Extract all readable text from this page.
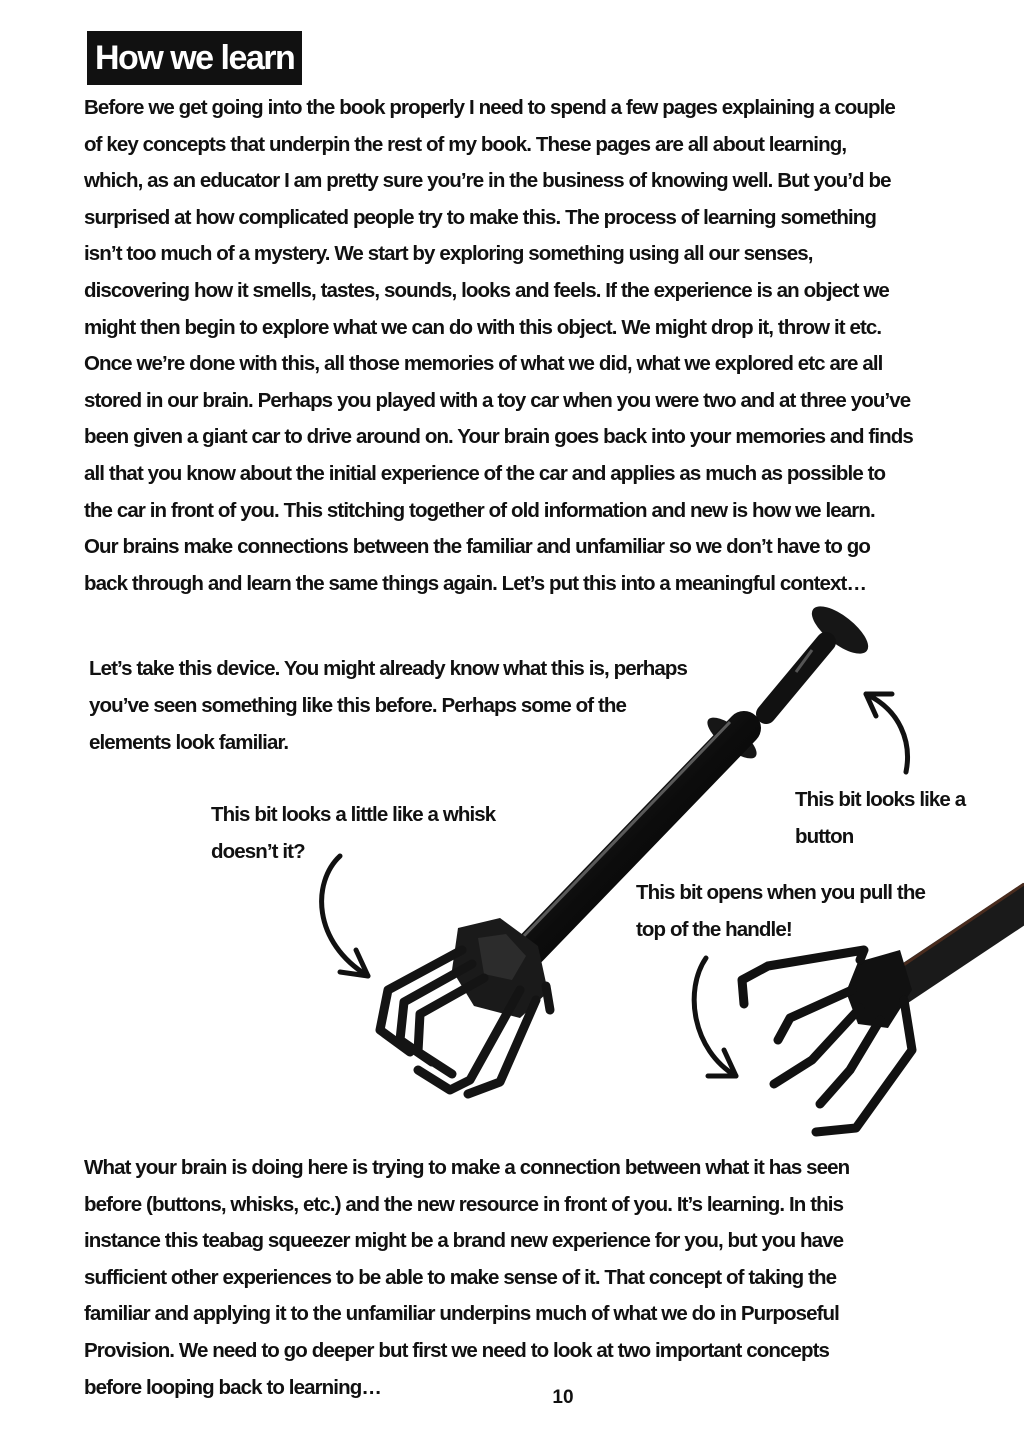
How we learn
Before we get going into the book properly I need to spend a few pages explaining a couple
of key concepts that underpin the rest of my book. These pages are all about learning,
which, as an educator I am pretty sure you’re in the business of knowing well. But you’d be
surprised at how complicated people try to make this. The process of learning something
isn’t too much of a mystery. We start by exploring something using all our senses,
discovering how it smells, tastes, sounds, looks and feels. If the experience is an object we
might then begin to explore what we can do with this object. We might drop it, throw it etc.
Once we’re done with this, all those memories of what we did, what we explored etc are all
stored in our brain. Perhaps you played with a toy car when you were two and at three you’ve
been given a giant car to drive around on. Your brain goes back into your memories and finds
all that you know about the initial experience of the car and applies as much as possible to
the car in front of you. This stitching together of old information and new is how we learn.
Our brains make connections between the familiar and unfamiliar so we don’t have to go
back through and learn the same things again. Let’s put this into a meaningful context…
Let’s take this device. You might already know what this is, perhaps
you’ve seen something like this before. Perhaps some of the
elements look familiar.
This bit looks a little like a whisk
doesn’t it?
This bit looks like a
button
This bit opens when you pull the
top of the handle!
What your brain is doing here is trying to make a connection between what it has seen
before (buttons, whisks, etc.) and the new resource in front of you. It’s learning. In this
instance this teabag squeezer might be a brand new experience for you, but you have
sufficient other experiences to be able to make sense of it. That concept of taking the
familiar and applying it to the unfamiliar underpins much of what we do in Purposeful
Provision. We need to go deeper but first we need to look at two important concepts
before looping back to learning…	10
